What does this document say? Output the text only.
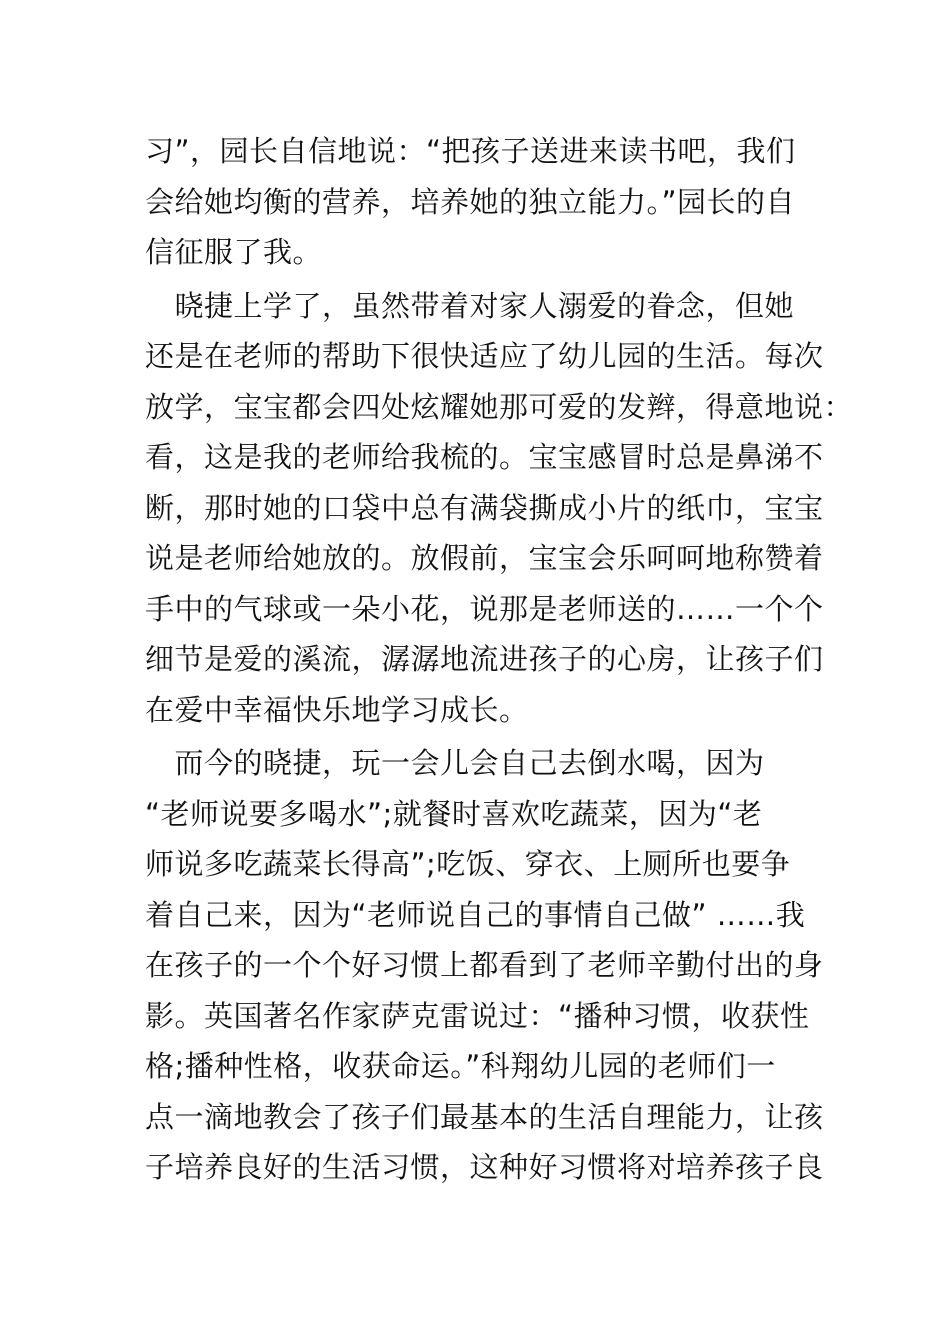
习”，园长自信地说：“把孩子送进来读书吧，我们
会给她均衡的营养，培养她的独立能力。”园长的自
信征服了我。
　晓捷上学了，虽然带着对家人溺爱的眷念，但她
还是在老师的帮助下很快适应了幼儿园的生活。每次
放学，宝宝都会四处炫耀她那可爱的发辫，得意地说：
看，这是我的老师给我梳的。宝宝感冒时总是鼻涕不
断，那时她的口袋中总有满袋撕成小片的纸巾，宝宝
说是老师给她放的。放假前，宝宝会乐呵呵地称赞着
手中的气球或一朵小花，说那是老师送的……一个个
细节是爱的溪流，潺潺地流进孩子的心房，让孩子们
在爱中幸福快乐地学习成长。
　而今的晓捷，玩一会儿会自己去倒水喝，因为
“老师说要多喝水”;就餐时喜欢吃蔬菜，因为“老
师说多吃蔬菜长得高”;吃饭、穿衣、上厕所也要争
着自己来，因为“老师说自己的事情自己做” ……我
在孩子的一个个好习惯上都看到了老师辛勤付出的身
影。英国著名作家萨克雷说过：“播种习惯，收获性
格;播种性格，收获命运。”科翔幼儿园的老师们一
点一滴地教会了孩子们最基本的生活自理能力，让孩
子培养良好的生活习惯，这种好习惯将对培养孩子良
